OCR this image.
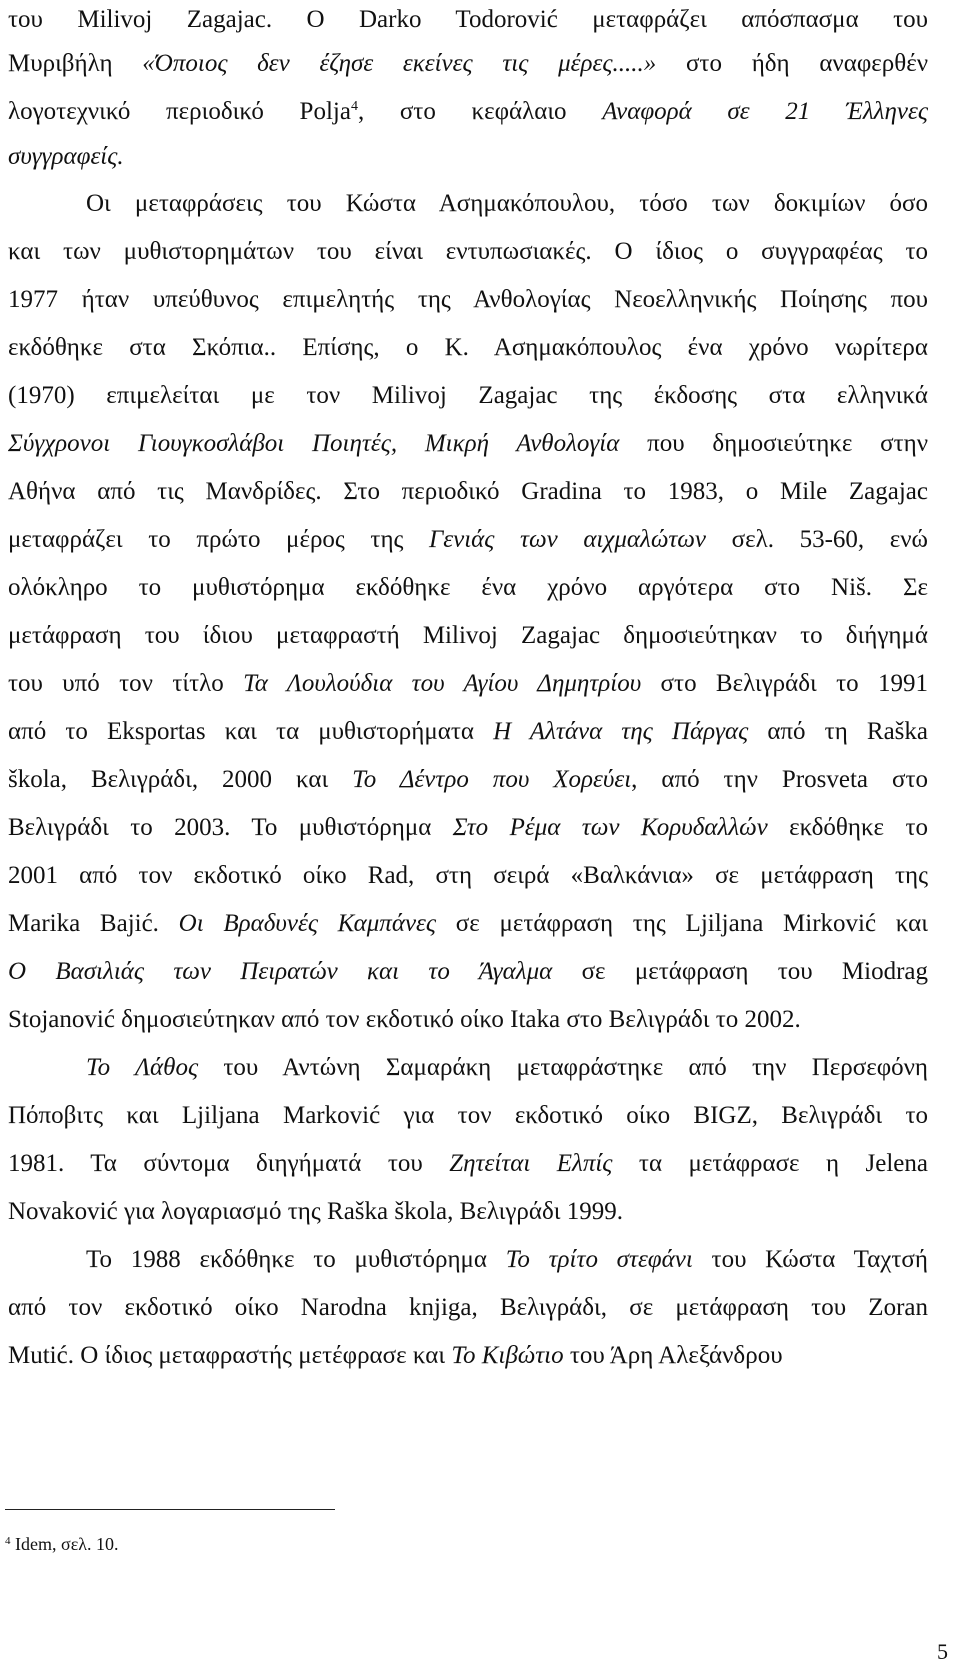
του Milivoj Zagajac. Ο Darko Todorović μεταφράζει απόσπασμα του

Μυριβήλη «Όποιος δεν έζησε εκείνες τις μέρες.....» στο ήδη αναφερθέν

λογοτεχνικό περιοδικό Polja$^4$, στο κεφάλαιο Αναφορά σε 21 Έλληνες

συγγραφείς.

Οι μεταφράσεις του Κώστα Ασημακόπουλου, τόσο των δοκιμίων όσο

και των μυθιστορημάτων του είναι εντυπωσιακές. Ο ίδιος ο συγγραφέας το

1977 ήταν υπεύθυνος επιμελητής της Ανθολογίας Νεοελληνικής Ποίησης που

εκδόθηκε στα Σκόπια.. Επίσης, ο Κ. Ασημακόπουλος ένα χρόνο νωρίτερα

(1970) επιμελείται με τον Milivoj Zagajac της έκδοσης στα ελληνικά

Σύγχρονοι Γιουγκοσλάβοι Ποιητές, Μικρή Ανθολογία που δημοσιεύτηκε στην

Αθήνα από τις Μανδρίδες. Στο περιοδικό Gradina το 1983, ο Mile Zagajac

μεταφράζει το πρώτο μέρος της Γενιάς των αιχμαλώτων σελ. 53-60, ενώ

ολόκληρο το μυθιστόρημα εκδόθηκε ένα χρόνο αργότερα στο Niš. Σε

μετάφραση του ίδιου μεταφραστή Milivoj Zagajac δημοσιεύτηκαν το διήγημά

του υπό τον τίτλο Τα Λουλούδια του Αγίου Δημητρίου στο Βελιγράδι το 1991

από το Eksportas και τα μυθιστορήματα Η Αλτάνα της Πάργας από τη Raška

škola, Βελιγράδι, 2000 και Το Δέντρο που Χορεύει, από την Prosveta στο

Βελιγράδι το 2003. Το μυθιστόρημα Στο Ρέμα των Κορυδαλλών εκδόθηκε το

2001 από τον εκδοτικό οίκο Rad, στη σειρά «Βαλκάνια» σε μετάφραση της

Marika Bajić. Οι Βραδυνές Καμπάνες σε μετάφραση της Ljiljana Mirković και

Ο Βασιλιάς των Πειρατών και το Άγαλμα σε μετάφραση του Miodrag

Stojanović δημοσιεύτηκαν από τον εκδοτικό οίκο Itaka στο Βελιγράδι το 2002.

Το Λάθος του Αντώνη Σαμαράκη μεταφράστηκε από την Περσεφόνη

Πόποβιτς και Ljiljana Marković για τον εκδοτικό οίκο BIGZ, Βελιγράδι το

1981. Τα σύντομα διηγήματά του Ζητείται Ελπίς τα μετάφρασε η Jelena

Novaković για λογαριασμό της Raška škola, Βελιγράδι 1999.

Το 1988 εκδόθηκε το μυθιστόρημα Το τρίτο στεφάνι του Κώστα Ταχτσή

από τον εκδοτικό οίκο Narodna knjiga, Βελιγράδι, σε μετάφραση του Zoran

Mutić. Ο ίδιος μεταφραστής μετέφρασε και Το Κιβώτιο του Άρη Αλεξάνδρου

$^4$ Idem, σελ. 10.
5
